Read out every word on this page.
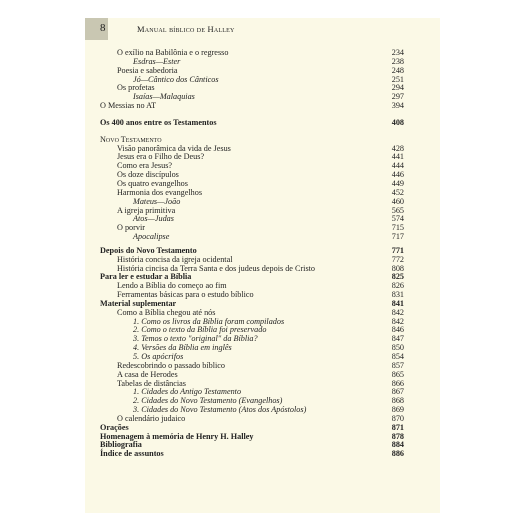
8	Manual bíblico de Halley
O exílio na Babilônia e o regresso	234
Esdras—Ester	238
Poesia e sabedoria	248
Jó—Cântico dos Cânticos	251
Os profetas	294
Isaías—Malaquias	297
O Messias no AT	394
Os 400 anos entre os Testamentos	408
Novo Testamento
Visão panorâmica da vida de Jesus	428
Jesus era o Filho de Deus?	441
Como era Jesus?	444
Os doze discípulos	446
Os quatro evangelhos	449
Harmonia dos evangelhos	452
Mateus—João	460
A igreja primitiva	565
Atos—Judas	574
O porvir	715
Apocalipse	717
Depois do Novo Testamento	771
História concisa da igreja ocidental	772
História cincisa da Terra Santa e dos judeus depois de Cristo	808
Para ler e estudar a Bíblia	825
Lendo a Bíblia do começo ao fim	826
Ferramentas básicas para o estudo bíblico	831
Material suplementar	841
Como a Bíblia chegou até nós	842
1. Como os livros da Bíblia foram compilados	842
2. Como o texto da Bíblia foi preservado	846
3. Temos o texto "original" da Bíblia?	847
4. Versões da Bíblia em inglês	850
5. Os apócrifos	854
Redescobrindo o passado bíblico	857
A casa de Herodes	865
Tabelas de distâncias	866
1. Cidades do Antigo Testamento	867
2. Cidades do Novo Testamento (Evangelhos)	868
3. Cidades do Novo Testamento (Atos dos Apóstolos)	869
O calendário judaico	870
Orações	871
Homenagem à memória de Henry H. Halley	878
Bibliografia	884
Índice de assuntos	886
